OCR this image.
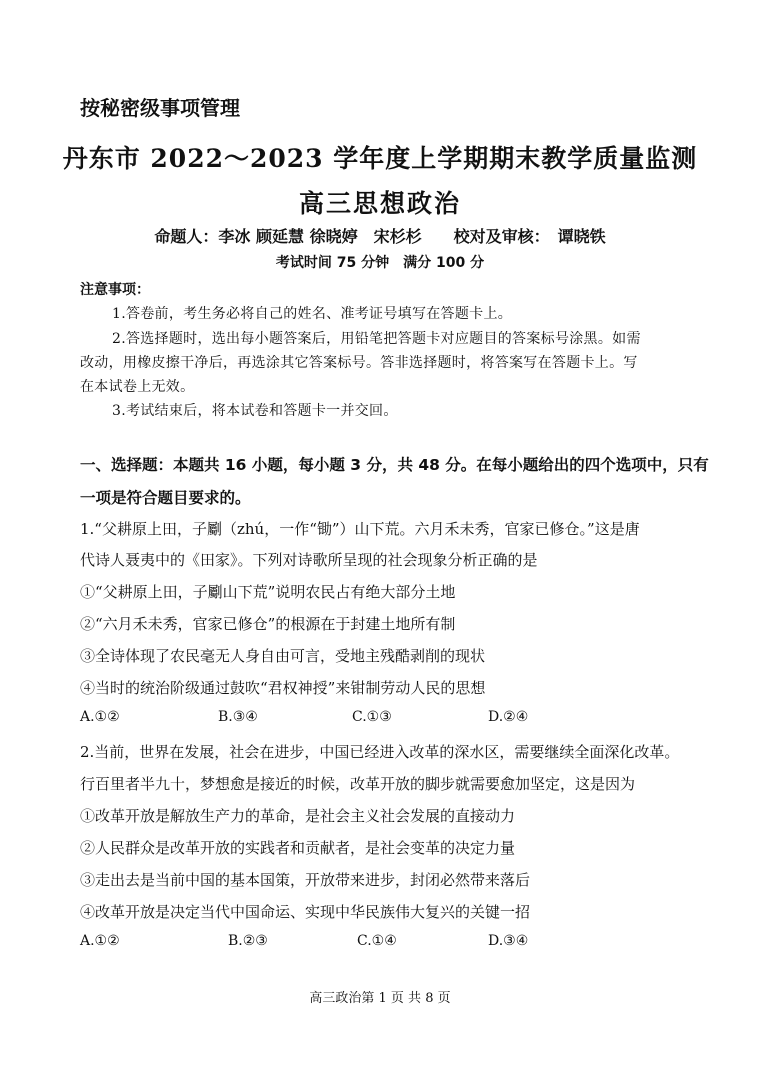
按秘密级事项管理
丹东市 2022～2023 学年度上学期期末教学质量监测
高三思想政治
命题人：李冰 顾延慧 徐晓婷　宋杉杉　　校对及审核：　谭晓铁
考试时间 75 分钟　满分 100 分
注意事项：
1.答卷前，考生务必将自己的姓名、准考证号填写在答题卡上。
2.答选择题时，选出每小题答案后，用铅笔把答题卡对应题目的答案标号涂黑。如需
改动，用橡皮擦干净后，再选涂其它答案标号。答非选择题时，将答案写在答题卡上。写
在本试卷上无效。
3.考试结束后，将本试卷和答题卡一并交回。
一、选择题：本题共 16 小题，每小题 3 分，共 48 分。在每小题给出的四个选项中，只有
一项是符合题目要求的。
1.“父耕原上田，子劚（zhú，一作“锄”）山下荒。六月禾未秀，官家已修仓。”这是唐
代诗人聂夷中的《田家》。下列对诗歌所呈现的社会现象分析正确的是
①“父耕原上田，子劚山下荒”说明农民占有绝大部分土地
②“六月禾未秀，官家已修仓”的根源在于封建土地所有制
③全诗体现了农民毫无人身自由可言，受地主残酷剥削的现状
④当时的统治阶级通过鼓吹“君权神授”来钳制劳动人民的思想
A.①②	B.③④	C.①③	D.②④
2.当前，世界在发展，社会在进步，中国已经进入改革的深水区，需要继续全面深化改革。
行百里者半九十，梦想愈是接近的时候，改革开放的脚步就需要愈加坚定，这是因为
①改革开放是解放生产力的革命，是社会主义社会发展的直接动力
②人民群众是改革开放的实践者和贡献者，是社会变革的决定力量
③走出去是当前中国的基本国策，开放带来进步，封闭必然带来落后
④改革开放是决定当代中国命运、实现中华民族伟大复兴的关键一招
A.①②	B.②③	C.①④	D.③④
高三政治第 1 页 共 8 页
